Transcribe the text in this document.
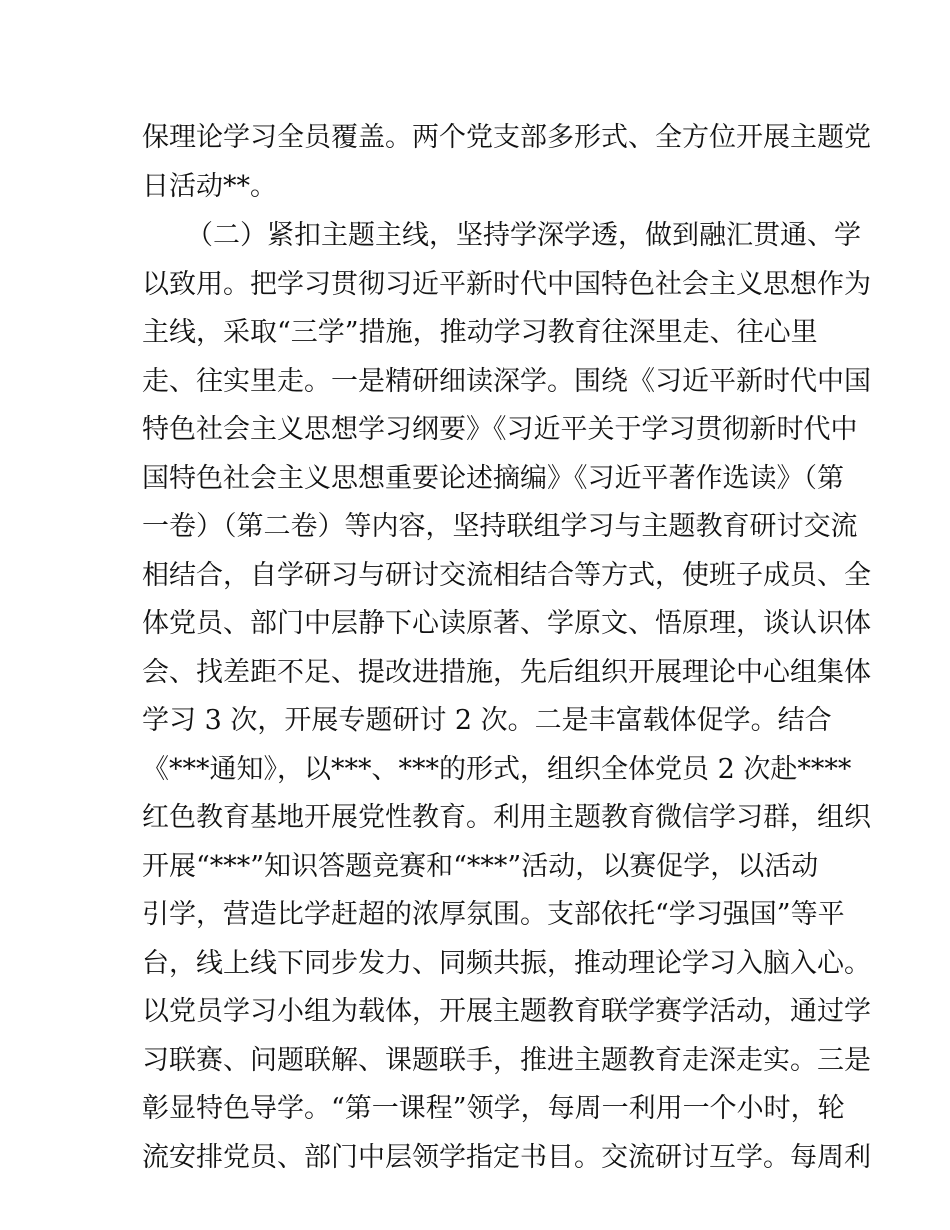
保理论学习全员覆盖。两个党支部多形式、全方位开展主题党
日活动**。
（二）紧扣主题主线，坚持学深学透，做到融汇贯通、学
以致用。把学习贯彻习近平新时代中国特色社会主义思想作为
主线，采取“三学”措施，推动学习教育往深里走、往心里
走、往实里走。一是精研细读深学。围绕《习近平新时代中国
特色社会主义思想学习纲要》《习近平关于学习贯彻新时代中
国特色社会主义思想重要论述摘编》《习近平著作选读》（第
一卷）（第二卷）等内容，坚持联组学习与主题教育研讨交流
相结合，自学研习与研讨交流相结合等方式，使班子成员、全
体党员、部门中层静下心读原著、学原文、悟原理，谈认识体
会、找差距不足、提改进措施，先后组织开展理论中心组集体
学习 3 次，开展专题研讨 2 次。二是丰富载体促学。结合
《***通知》，以***、***的形式，组织全体党员 2 次赴****
红色教育基地开展党性教育。利用主题教育微信学习群，组织
开展“***”知识答题竞赛和“***”活动，以赛促学，以活动
引学，营造比学赶超的浓厚氛围。支部依托“学习强国”等平
台，线上线下同步发力、同频共振，推动理论学习入脑入心。
以党员学习小组为载体，开展主题教育联学赛学活动，通过学
习联赛、问题联解、课题联手，推进主题教育走深走实。三是
彰显特色导学。“第一课程”领学，每周一利用一个小时，轮
流安排党员、部门中层领学指定书目。交流研讨互学。每周利
